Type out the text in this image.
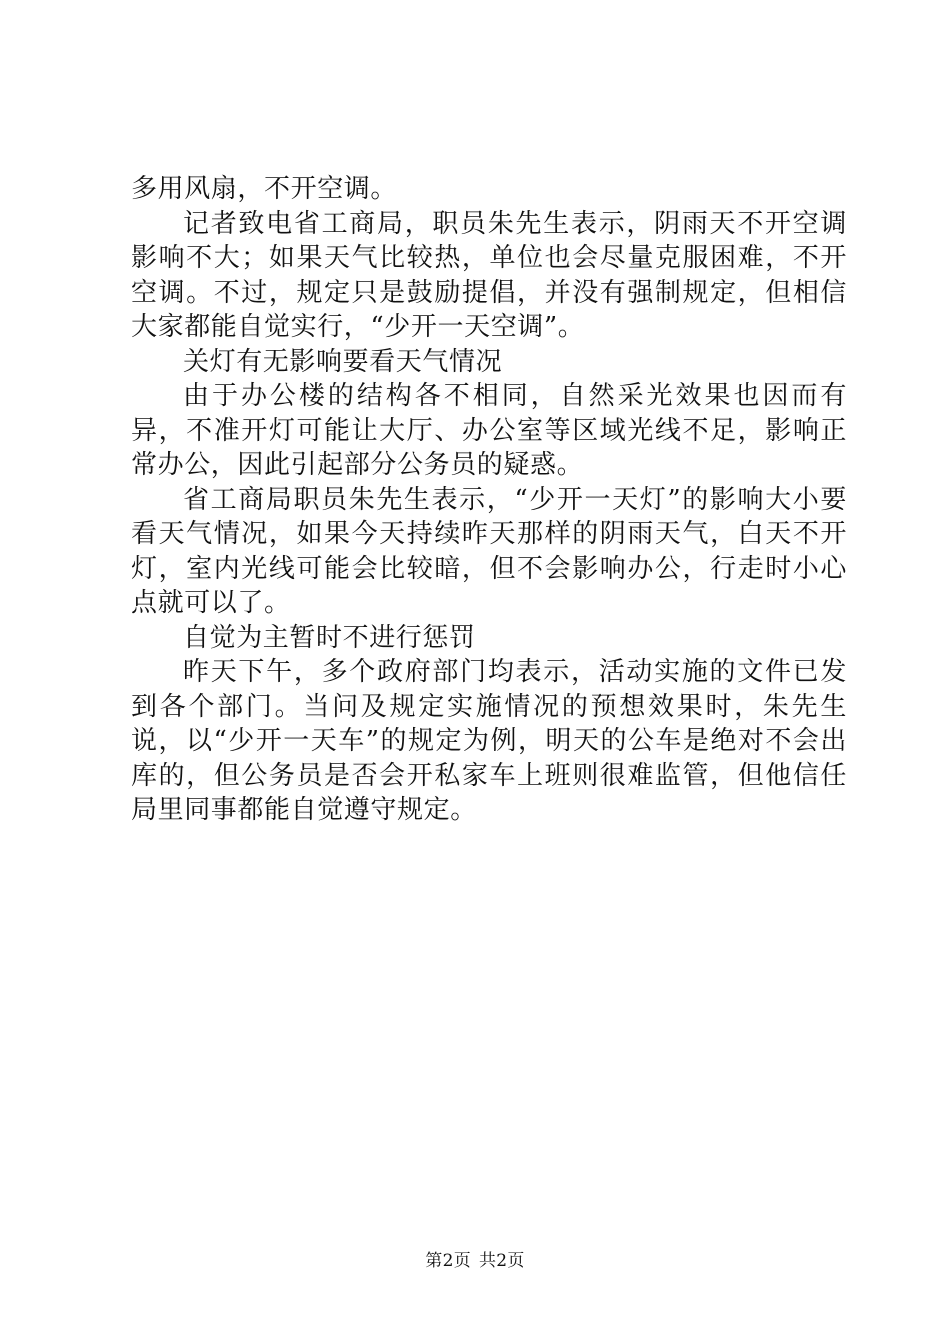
多用风扇，不开空调。

记者致电省工商局，职员朱先生表示，阴雨天不开空调影响不大；如果天气比较热，单位也会尽量克服困难，不开空调。不过，规定只是鼓励提倡，并没有强制规定，但相信大家都能自觉实行，“少开一天空调”。

关灯有无影响要看天气情况

由于办公楼的结构各不相同，自然采光效果也因而有异，不准开灯可能让大厅、办公室等区域光线不足，影响正常办公，因此引起部分公务员的疑惑。

省工商局职员朱先生表示，“少开一天灯”的影响大小要看天气情况，如果今天持续昨天那样的阴雨天气，白天不开灯，室内光线可能会比较暗，但不会影响办公，行走时小心点就可以了。

自觉为主暂时不进行惩罚

昨天下午，多个政府部门均表示，活动实施的文件已发到各个部门。当问及规定实施情况的预想效果时，朱先生说，以“少开一天车”的规定为例，明天的公车是绝对不会出库的，但公务员是否会开私家车上班则很难监管，但他信任局里同事都能自觉遵守规定。

第2页 共2页
